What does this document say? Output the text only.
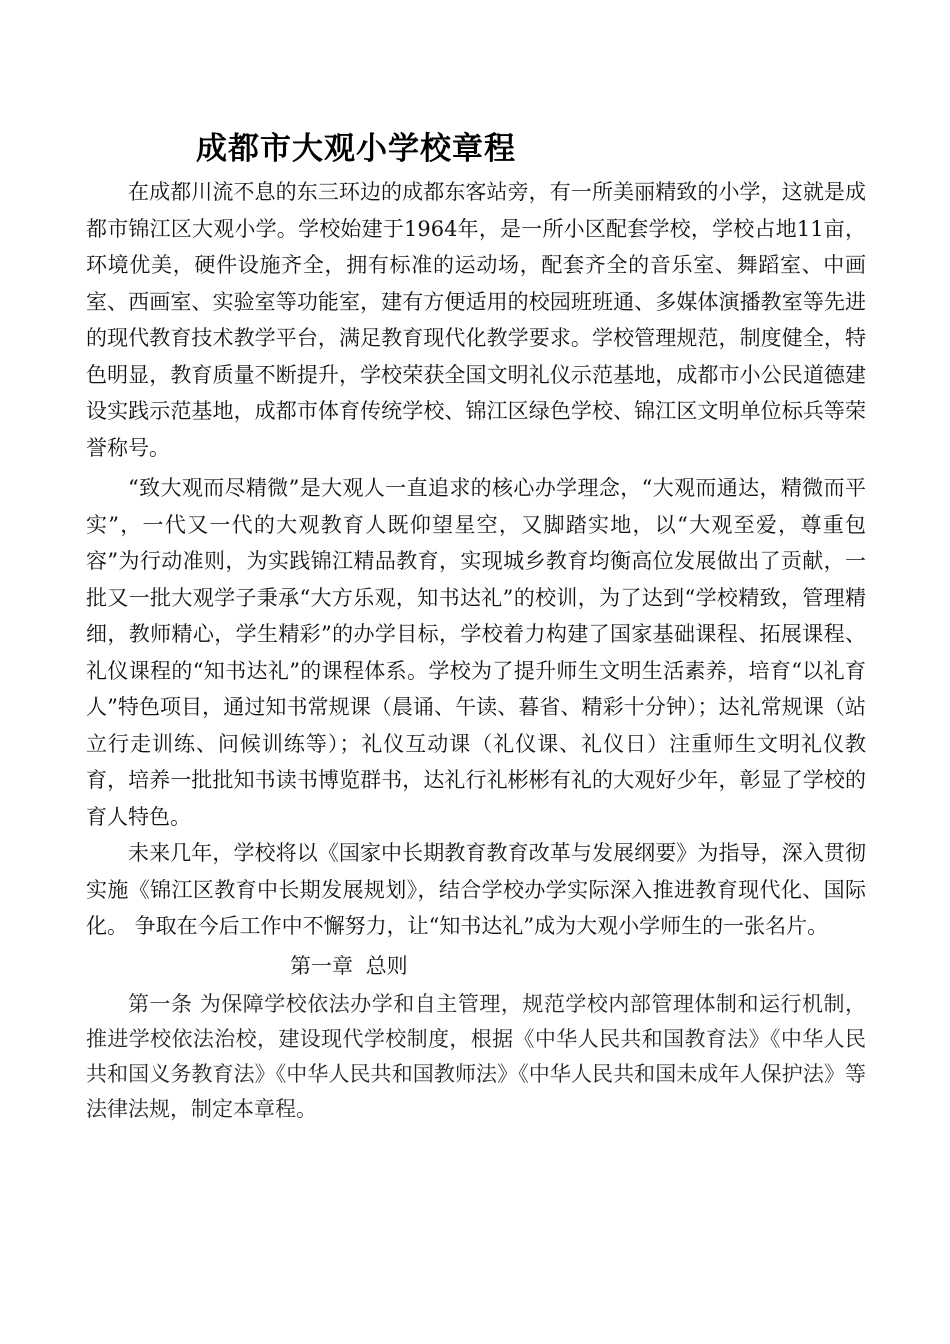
成都市大观小学校章程

在成都川流不息的东三环边的成都东客站旁，有一所美丽精致的小学，这就是成都市锦江区大观小学。学校始建于1964年，是一所小区配套学校，学校占地11亩，环境优美，硬件设施齐全，拥有标准的运动场，配套齐全的音乐室、舞蹈室、中画室、西画室、实验室等功能室，建有方便适用的校园班班通、多媒体演播教室等先进的现代教育技术教学平台，满足教育现代化教学要求。学校管理规范，制度健全，特色明显，教育质量不断提升，学校荣获全国文明礼仪示范基地，成都市小公民道德建设实践示范基地，成都市体育传统学校、锦江区绿色学校、锦江区文明单位标兵等荣誉称号。

“致大观而尽精微”是大观人一直追求的核心办学理念，“大观而通达，精微而平实”，一代又一代的大观教育人既仰望星空，又脚踏实地，以“大观至爱，尊重包容”为行动准则，为实践锦江精品教育，实现城乡教育均衡高位发展做出了贡献，一批又一批大观学子秉承“大方乐观，知书达礼”的校训，为了达到“学校精致，管理精细，教师精心，学生精彩”的办学目标，学校着力构建了国家基础课程、拓展课程、礼仪课程的“知书达礼”的课程体系。学校为了提升师生文明生活素养，培育“以礼育人”特色项目，通过知书常规课（晨诵、午读、暮省、精彩十分钟）；达礼常规课（站立行走训练、问候训练等）；礼仪互动课（礼仪课、礼仪日）注重师生文明礼仪教育，培养一批批知书读书博览群书，达礼行礼彬彬有礼的大观好少年，彰显了学校的育人特色。

未来几年，学校将以《国家中长期教育教育改革与发展纲要》为指导，深入贯彻实施《锦江区教育中长期发展规划》，结合学校办学实际深入推进教育现代化、国际化。 争取在今后工作中不懈努力，让“知书达礼”成为大观小学师生的一张名片。

第一章 总则

第一条 为保障学校依法办学和自主管理，规范学校内部管理体制和运行机制，推进学校依法治校，建设现代学校制度，根据《中华人民共和国教育法》《中华人民共和国义务教育法》《中华人民共和国教师法》《中华人民共和国未成年人保护法》等法律法规，制定本章程。
